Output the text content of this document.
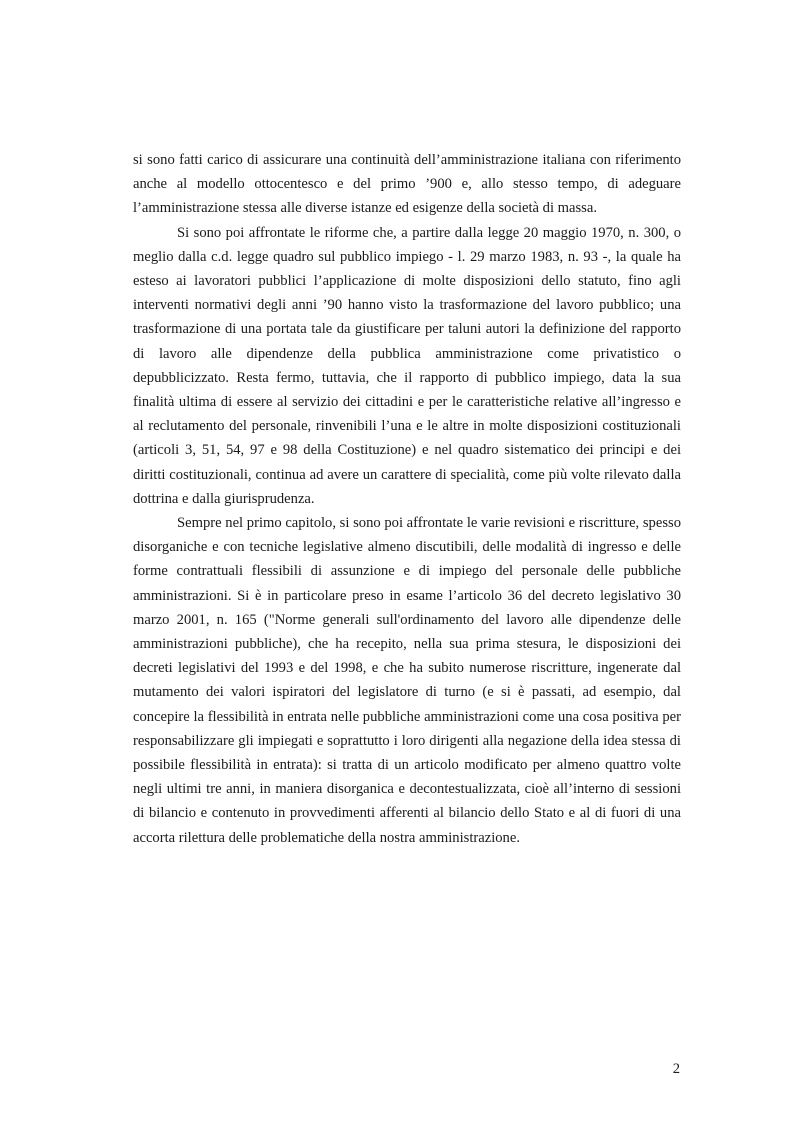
si sono fatti carico di assicurare una continuità dell’amministrazione italiana con riferimento anche al modello ottocentesco e del primo ’900 e, allo stesso tempo, di adeguare l’amministrazione stessa alle diverse istanze ed esigenze della società di massa.

Si sono poi affrontate le riforme che, a partire dalla legge 20 maggio 1970, n. 300, o meglio dalla c.d. legge quadro sul pubblico impiego - l. 29 marzo 1983, n. 93 -, la quale ha esteso ai lavoratori pubblici l’applicazione di molte disposizioni dello statuto, fino agli interventi normativi degli anni ’90 hanno visto la trasformazione del lavoro pubblico; una trasformazione di una portata tale da giustificare per taluni autori la definizione del rapporto di lavoro alle dipendenze della pubblica amministrazione come privatistico o depubblicizzato. Resta fermo, tuttavia, che il rapporto di pubblico impiego, data la sua finalità ultima di essere al servizio dei cittadini e per le caratteristiche relative all’ingresso e al reclutamento del personale, rinvenibili l’una e le altre in molte disposizioni costituzionali (articoli 3, 51, 54, 97 e 98 della Costituzione) e nel quadro sistematico dei principi e dei diritti costituzionali, continua ad avere un carattere di specialità, come più volte rilevato dalla dottrina e dalla giurisprudenza.

Sempre nel primo capitolo, si sono poi affrontate le varie revisioni e riscritture, spesso disorganiche e con tecniche legislative almeno discutibili, delle modalità di ingresso e delle forme contrattuali flessibili di assunzione e di impiego del personale delle pubbliche amministrazioni. Si è in particolare preso in esame l’articolo 36 del decreto legislativo 30 marzo 2001, n. 165 ("Norme generali sull'ordinamento del lavoro alle dipendenze delle amministrazioni pubbliche), che ha recepito, nella sua prima stesura, le disposizioni dei decreti legislativi del 1993 e del 1998, e che ha subito numerose riscritture, ingenerate dal mutamento dei valori ispiratori del legislatore di turno (e si è passati, ad esempio, dal concepire la flessibilità in entrata nelle pubbliche amministrazioni come una cosa positiva per responsabilizzare gli impiegati e soprattutto i loro dirigenti alla negazione della idea stessa di possibile flessibilità in entrata): si tratta di un articolo modificato per almeno quattro volte negli ultimi tre anni, in maniera disorganica e decontestualizzata, cioè all’interno di sessioni di bilancio e contenuto in provvedimenti afferenti al bilancio dello Stato e al di fuori di una accorta rilettura delle problematiche della nostra amministrazione.

2
